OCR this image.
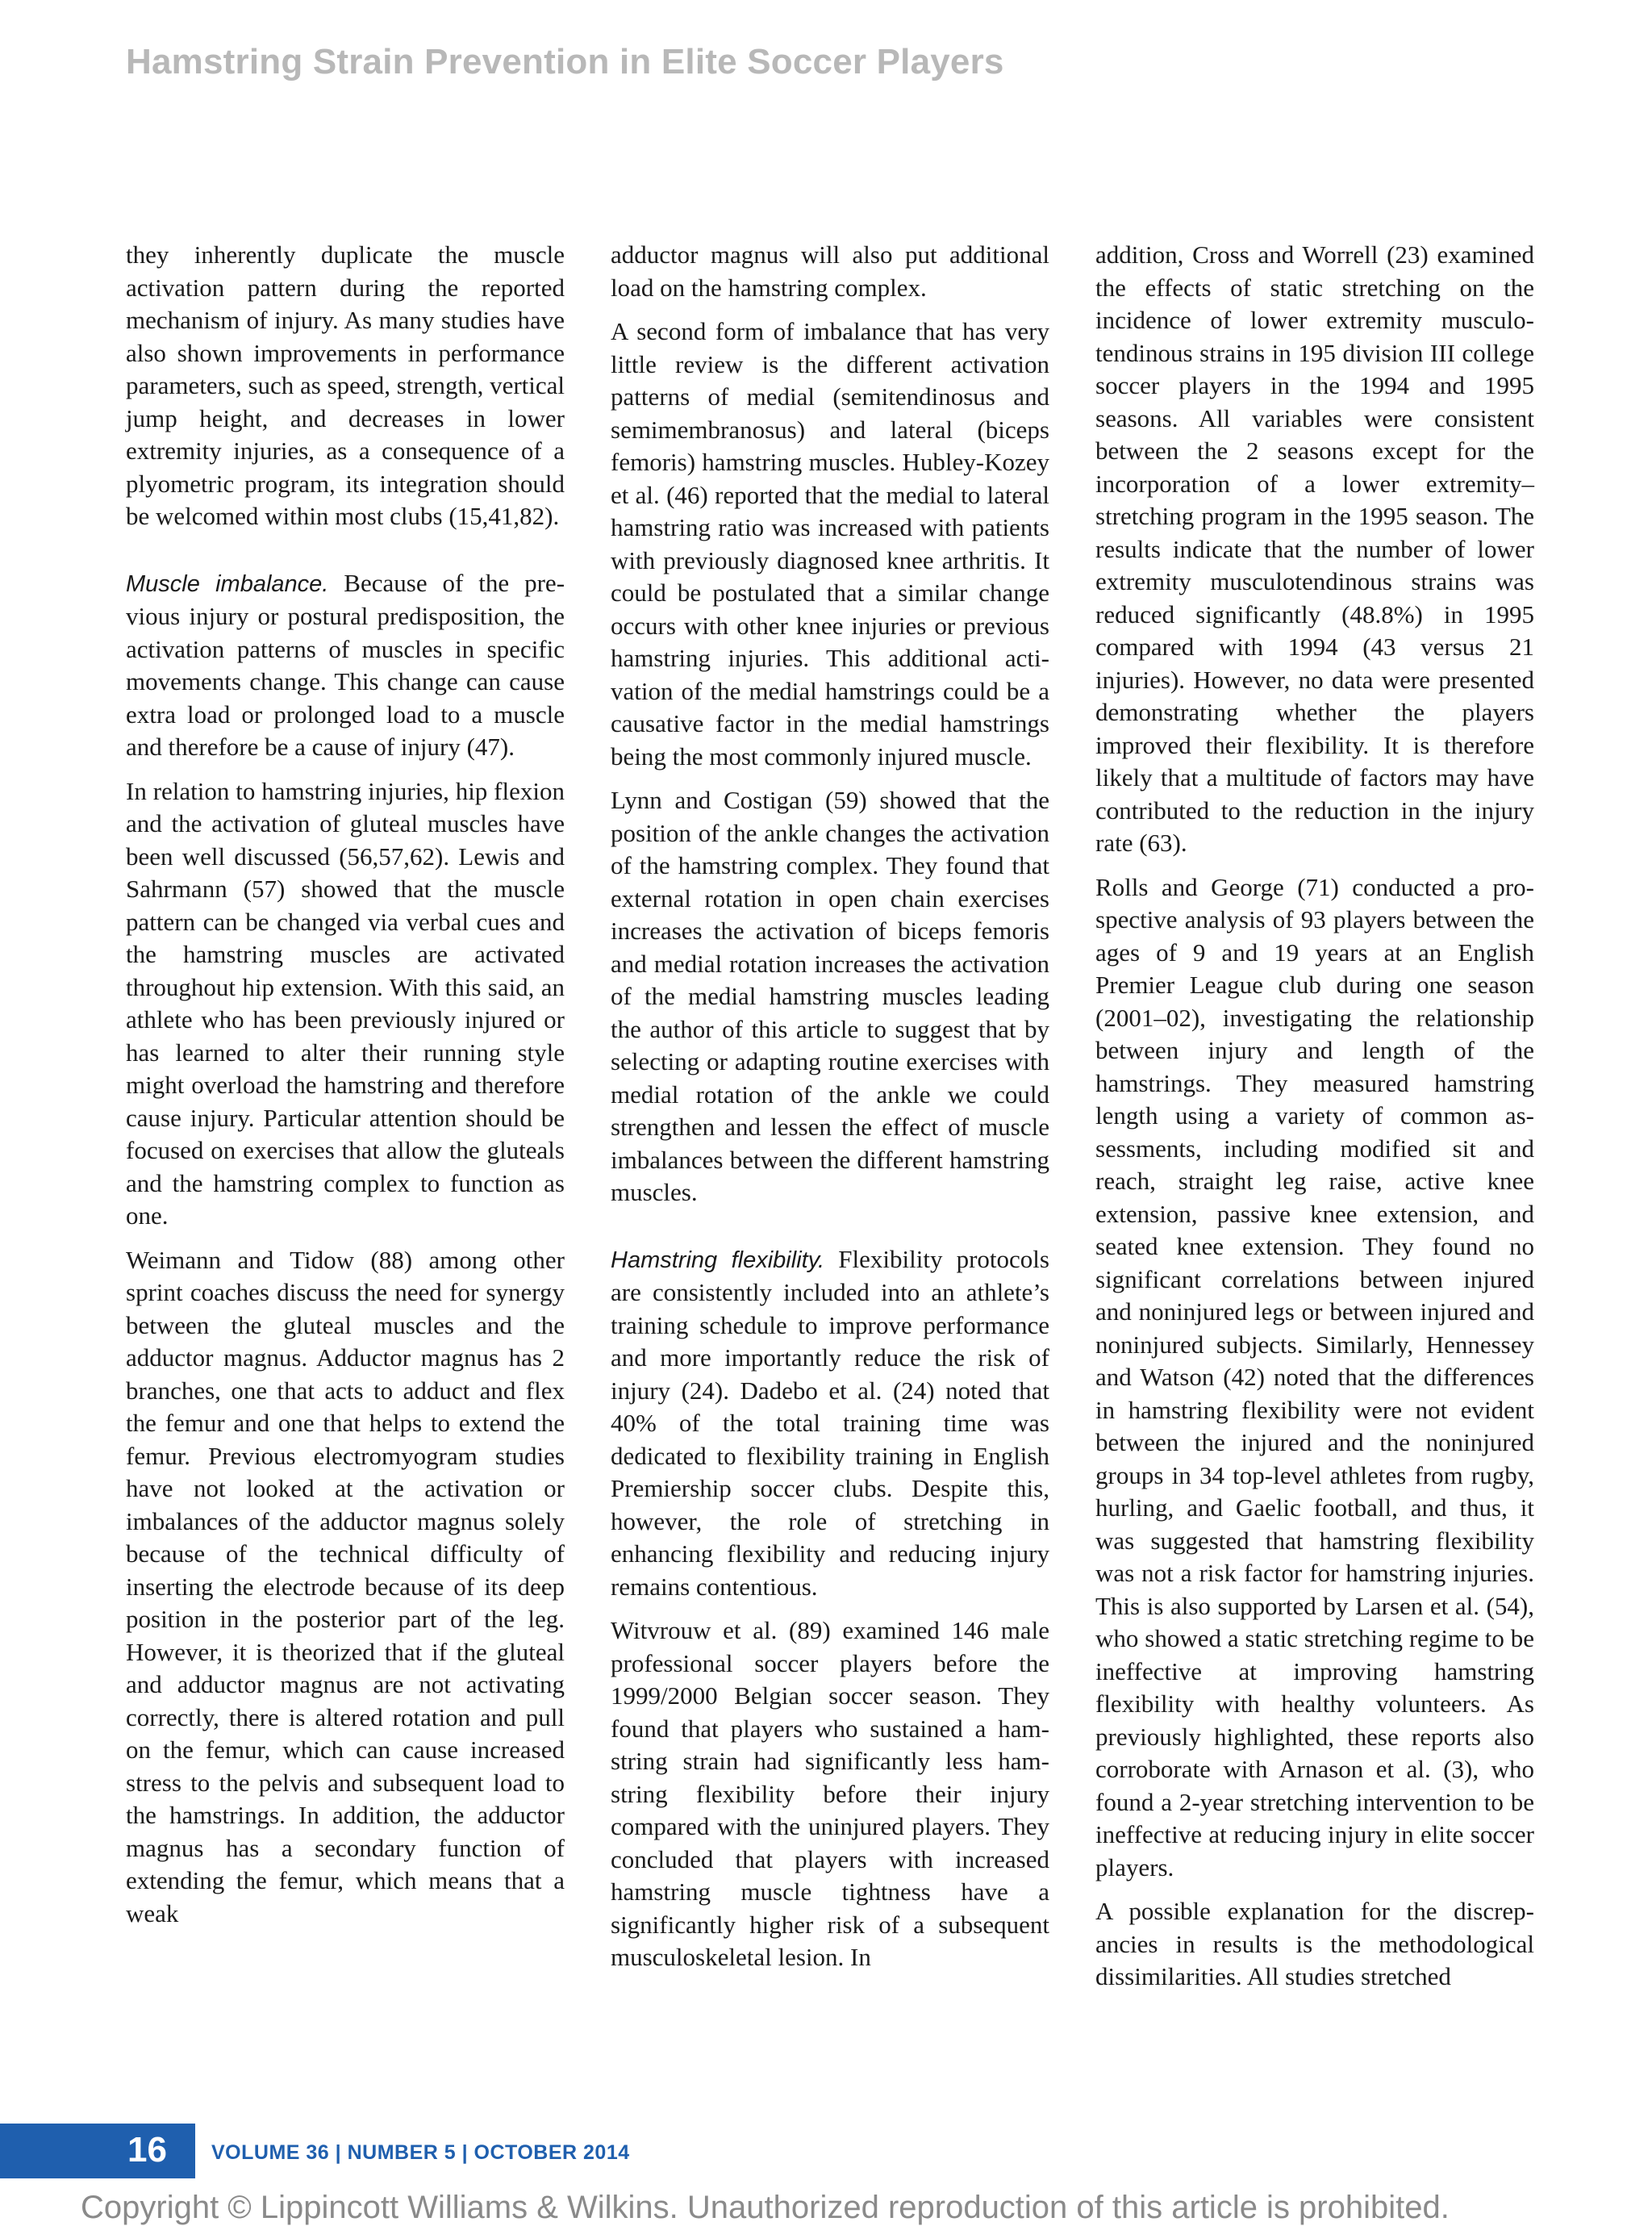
Hamstring Strain Prevention in Elite Soccer Players

they inherently duplicate the muscle activation pattern during the reported mechanism of injury. As many studies have also shown improvements in performance parameters, such as speed, strength, vertical jump height, and decreases in lower extremity injuries, as a consequence of a plyometric program, its integration should be welcomed within most clubs (15,41,82).

Muscle imbalance. Because of the previous injury or postural predisposition, the activation patterns of muscles in specific movements change. This change can cause extra load or prolonged load to a muscle and therefore be a cause of injury (47).

In relation to hamstring injuries, hip flexion and the activation of gluteal muscles have been well discussed (56,57,62). Lewis and Sahrmann (57) showed that the muscle pattern can be changed via verbal cues and the hamstring muscles are activated throughout hip extension. With this said, an athlete who has been previously injured or has learned to alter their running style might overload the hamstring and therefore cause injury. Particular attention should be focused on exercises that allow the gluteals and the hamstring complex to function as one.

Weimann and Tidow (88) among other sprint coaches discuss the need for synergy between the gluteal muscles and the adductor magnus. Adductor magnus has 2 branches, one that acts to adduct and flex the femur and one that helps to extend the femur. Previous electromyogram studies have not looked at the activation or imbalances of the adductor magnus solely because of the technical difficulty of inserting the electrode because of its deep position in the posterior part of the leg. However, it is theorized that if the gluteal and adductor magnus are not activating correctly, there is altered rotation and pull on the femur, which can cause increased stress to the pelvis and subsequent load to the hamstrings. In addition, the adductor magnus has a secondary function of extending the femur, which means that a weak

adductor magnus will also put additional load on the hamstring complex.

A second form of imbalance that has very little review is the different activation patterns of medial (semitendinosus and semimembranosus) and lateral (biceps femoris) hamstring muscles. Hubley-Kozey et al. (46) reported that the medial to lateral hamstring ratio was increased with patients with previously diagnosed knee arthritis. It could be postulated that a similar change occurs with other knee injuries or previous hamstring injuries. This additional activation of the medial hamstrings could be a causative factor in the medial hamstrings being the most commonly injured muscle.

Lynn and Costigan (59) showed that the position of the ankle changes the activation of the hamstring complex. They found that external rotation in open chain exercises increases the activation of biceps femoris and medial rotation increases the activation of the medial hamstring muscles leading the author of this article to suggest that by selecting or adapting routine exercises with medial rotation of the ankle we could strengthen and lessen the effect of muscle imbalances between the different hamstring muscles.

Hamstring flexibility. Flexibility protocols are consistently included into an athlete’s training schedule to improve performance and more importantly reduce the risk of injury (24). Dadebo et al. (24) noted that 40% of the total training time was dedicated to flexibility training in English Premiership soccer clubs. Despite this, however, the role of stretching in enhancing flexibility and reducing injury remains contentious.

Witvrouw et al. (89) examined 146 male professional soccer players before the 1999/2000 Belgian soccer season. They found that players who sustained a hamstring strain had significantly less hamstring flexibility before their injury compared with the uninjured players. They concluded that players with increased hamstring muscle tightness have a significantly higher risk of a subsequent musculoskeletal lesion. In

addition, Cross and Worrell (23) examined the effects of static stretching on the incidence of lower extremity musculotendinous strains in 195 division III college soccer players in the 1994 and 1995 seasons. All variables were consistent between the 2 seasons except for the incorporation of a lower extremity–stretching program in the 1995 season. The results indicate that the number of lower extremity musculotendinous strains was reduced significantly (48.8%) in 1995 compared with 1994 (43 versus 21 injuries). However, no data were presented demonstrating whether the players improved their flexibility. It is therefore likely that a multitude of factors may have contributed to the reduction in the injury rate (63).

Rolls and George (71) conducted a prospective analysis of 93 players between the ages of 9 and 19 years at an English Premier League club during one season (2001–02), investigating the relationship between injury and length of the hamstrings. They measured hamstring length using a variety of common assessments, including modified sit and reach, straight leg raise, active knee extension, passive knee extension, and seated knee extension. They found no significant correlations between injured and noninjured legs or between injured and noninjured subjects. Similarly, Hennessey and Watson (42) noted that the differences in hamstring flexibility were not evident between the injured and the noninjured groups in 34 top-level athletes from rugby, hurling, and Gaelic football, and thus, it was suggested that hamstring flexibility was not a risk factor for hamstring injuries. This is also supported by Larsen et al. (54), who showed a static stretching regime to be ineffective at improving hamstring flexibility with healthy volunteers. As previously highlighted, these reports also corroborate with Arnason et al. (3), who found a 2-year stretching intervention to be ineffective at reducing injury in elite soccer players.

A possible explanation for the discrepancies in results is the methodological dissimilarities. All studies stretched

16 VOLUME 36 | NUMBER 5 | OCTOBER 2014

Copyright © Lippincott Williams & Wilkins. Unauthorized reproduction of this article is prohibited.
